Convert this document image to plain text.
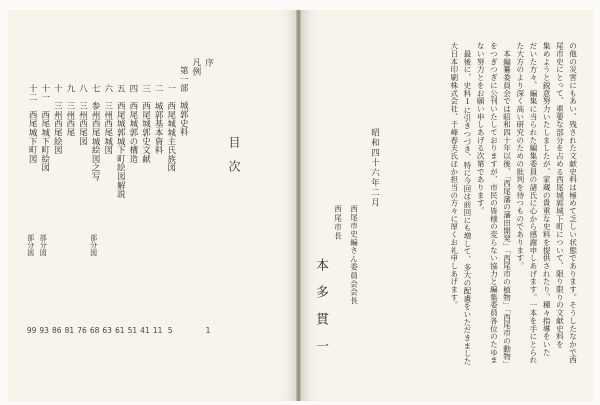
目次
序
1
凡例
第一部　城郭史料
一　西尾城城主氏族図
5
二　城郭基本資料
11
三　西尾城郭史文献
41
四　西尾城郭の構造
51
五　西尾城郭城下町絵図解説
61
六　三州西尾城図
63
七　参州西尾城絵図之写
68
八　三州西尾図
76
九　三州西尾
81
十　三州西尾絵図
86
十一　西尾城下町絵図
93
十二　西尾城下町図
99
部分図
部分図
部分図	の他の災害にもあい、残された文献史料は極めて乏しい状態であります。そうしたなかで西
尾市史にとって、重要な部分を占める西尾城郭城下町について、限り限りの文献史料を
集めようと鋭意努力いたしましたが、家蔵の貴重な史料を提供されたり、種々指導をいた
だいた方々、編集に当られた編集委員の諸氏に心から感謝申しあげます。一本を手にとられ
た大方のより深く高い研究のための批判を待つものであります。
　本編纂委員会では昭和四十年以後、「西尾藩の藩田開発」「西尾市の植物」「西尾市の動物」
をつぎつぎに公刊いたしておりますが、市民の皆様の変らない協力と編集委員各位のたゆま
ない努力とをお願い申しあげる次第であります。
　最後に、史料Ⅰに引きつづき、特に今回は前回にも増して、多大の配慮をいただきました
大日本印刷株式会社、千峰春夫氏ほか担当の方々に厚くお礼申しあげます。
昭和四十六年二月
西尾市史編さん委員会会長
西尾市長
本多貫一
